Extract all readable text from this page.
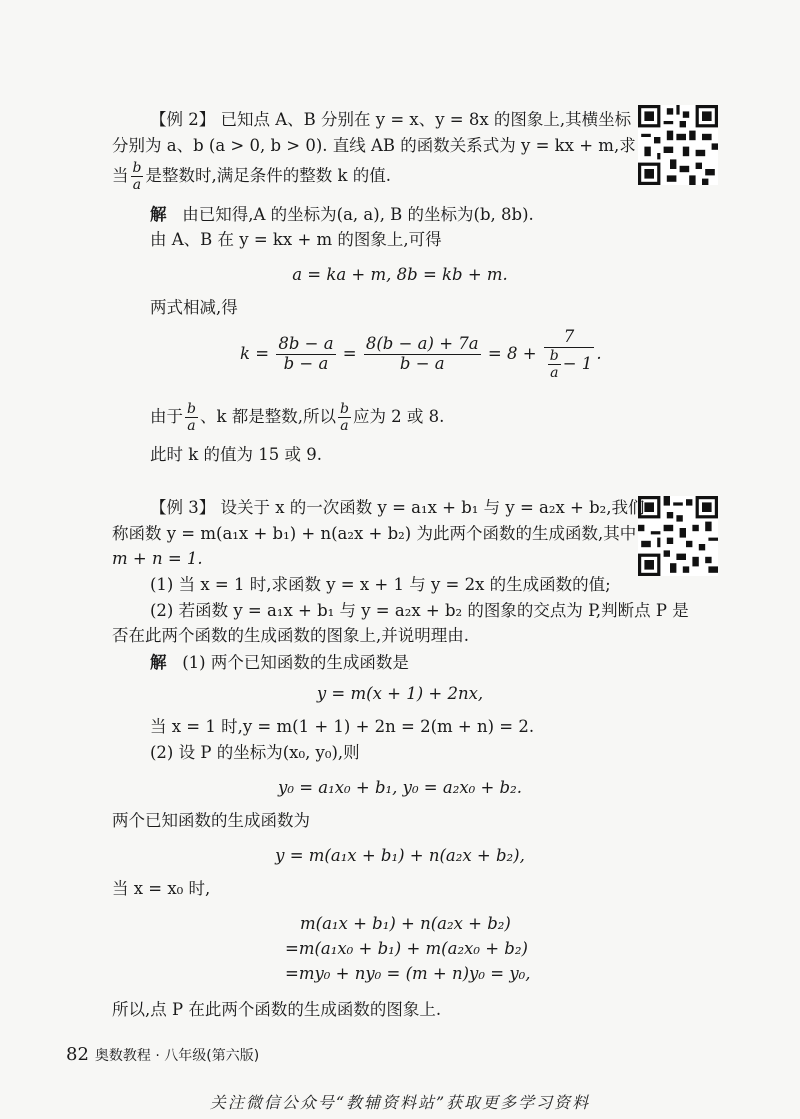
【例 2】 已知点 A、B 分别在 y = x、y = 8x 的图象上,其横坐标
分别为 a、b (a > 0, b > 0). 直线 AB 的函数关系式为 y = kx + m,求
当 $\frac{b}{a}$ 是整数时,满足条件的整数 k 的值.
解 由已知得,A 的坐标为(a, a), B 的坐标为(b, 8b).
由 A、B 在 y = kx + m 的图象上,可得
a = ka + m, 8b = kb + m.
两式相减,得
$k = \frac{8b - a}{b - a} = \frac{8(b - a) + 7a}{b - a} = 8 + \frac{7}{\frac{b}{a} - 1}$ .
由于 $\frac{b}{a}$ 、k 都是整数,所以 $\frac{b}{a}$ 应为 2 或 8.
此时 k 的值为 15 或 9.
【例 3】 设关于 x 的一次函数 y = a₁x + b₁ 与 y = a₂x + b₂,我们
称函数 y = m(a₁x + b₁) + n(a₂x + b₂) 为此两个函数的生成函数,其中
m + n = 1.
(1) 当 x = 1 时,求函数 y = x + 1 与 y = 2x 的生成函数的值;
(2) 若函数 y = a₁x + b₁ 与 y = a₂x + b₂ 的图象的交点为 P,判断点 P 是
否在此两个函数的生成函数的图象上,并说明理由.
解 (1) 两个已知函数的生成函数是
y = m(x + 1) + 2nx,
当 x = 1 时,y = m(1 + 1) + 2n = 2(m + n) = 2.
(2) 设 P 的坐标为(x₀, y₀),则
y₀ = a₁x₀ + b₁, y₀ = a₂x₀ + b₂.
两个已知函数的生成函数为
y = m(a₁x + b₁) + n(a₂x + b₂),
当 x = x₀ 时,
m(a₁x + b₁) + n(a₂x + b₂)
=m(a₁x₀ + b₁) + m(a₂x₀ + b₂)
=my₀ + ny₀ = (m + n)y₀ = y₀,
所以,点 P 在此两个函数的生成函数的图象上.
82 奥数教程 · 八年级(第六版)
关注微信公众号“教辅资料站”获取更多学习资料
